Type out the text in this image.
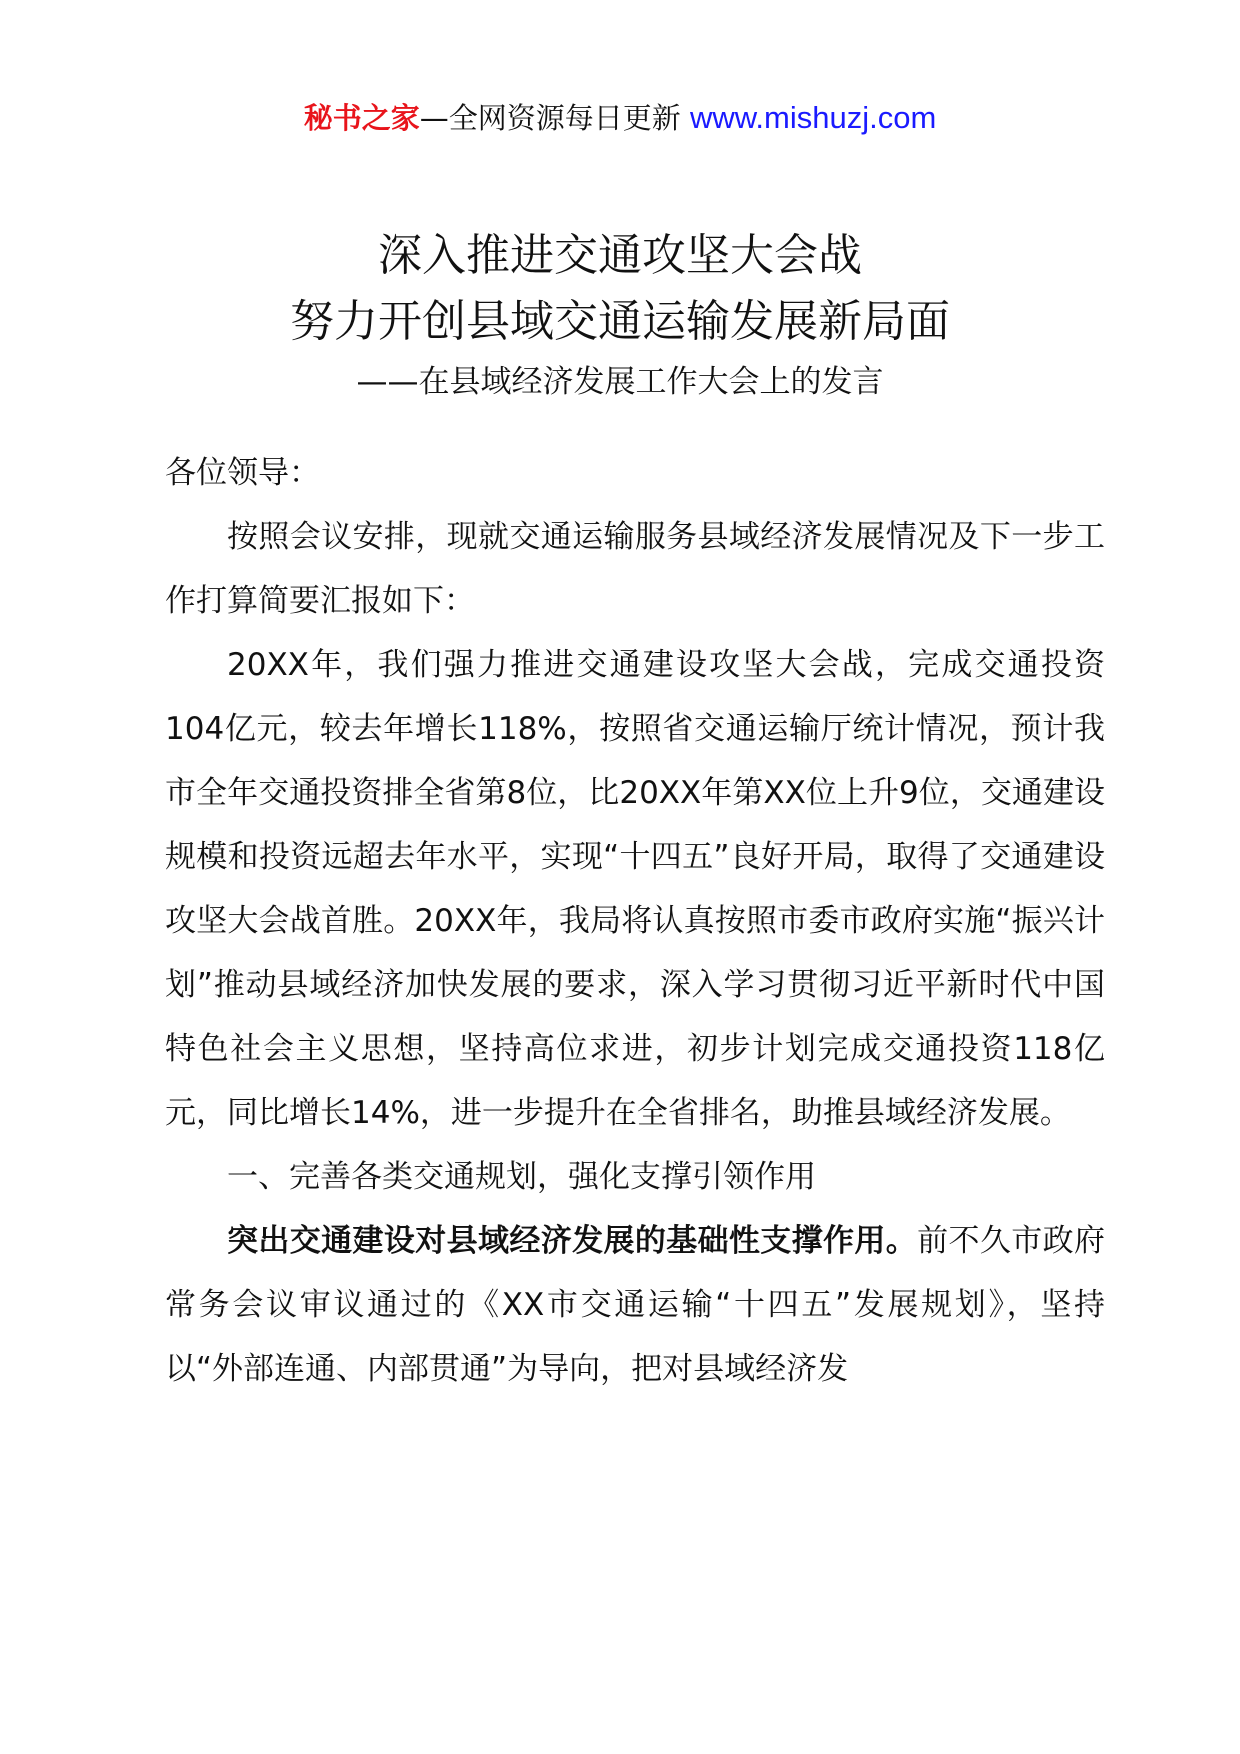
秘书之家—全网资源每日更新 www.mishuzj.com
深入推进交通攻坚大会战
努力开创县域交通运输发展新局面
——在县域经济发展工作大会上的发言

各位领导：

按照会议安排，现就交通运输服务县域经济发展情况及下一步工作打算简要汇报如下：

20XX年，我们强力推进交通建设攻坚大会战，完成交通投资104亿元，较去年增长118%，按照省交通运输厅统计情况，预计我市全年交通投资排全省第8位，比20XX年第XX位上升9位，交通建设规模和投资远超去年水平，实现“十四五”良好开局，取得了交通建设攻坚大会战首胜。20XX年，我局将认真按照市委市政府实施“振兴计划”推动县域经济加快发展的要求，深入学习贯彻习近平新时代中国特色社会主义思想，坚持高位求进，初步计划完成交通投资118亿元，同比增长14%，进一步提升在全省排名，助推县域经济发展。

一、完善各类交通规划，强化支撑引领作用

突出交通建设对县域经济发展的基础性支撑作用。前不久市政府常务会议审议通过的《XX市交通运输“十四五”发展规划》，坚持以“外部连通、内部贯通”为导向，把对县域经济发
